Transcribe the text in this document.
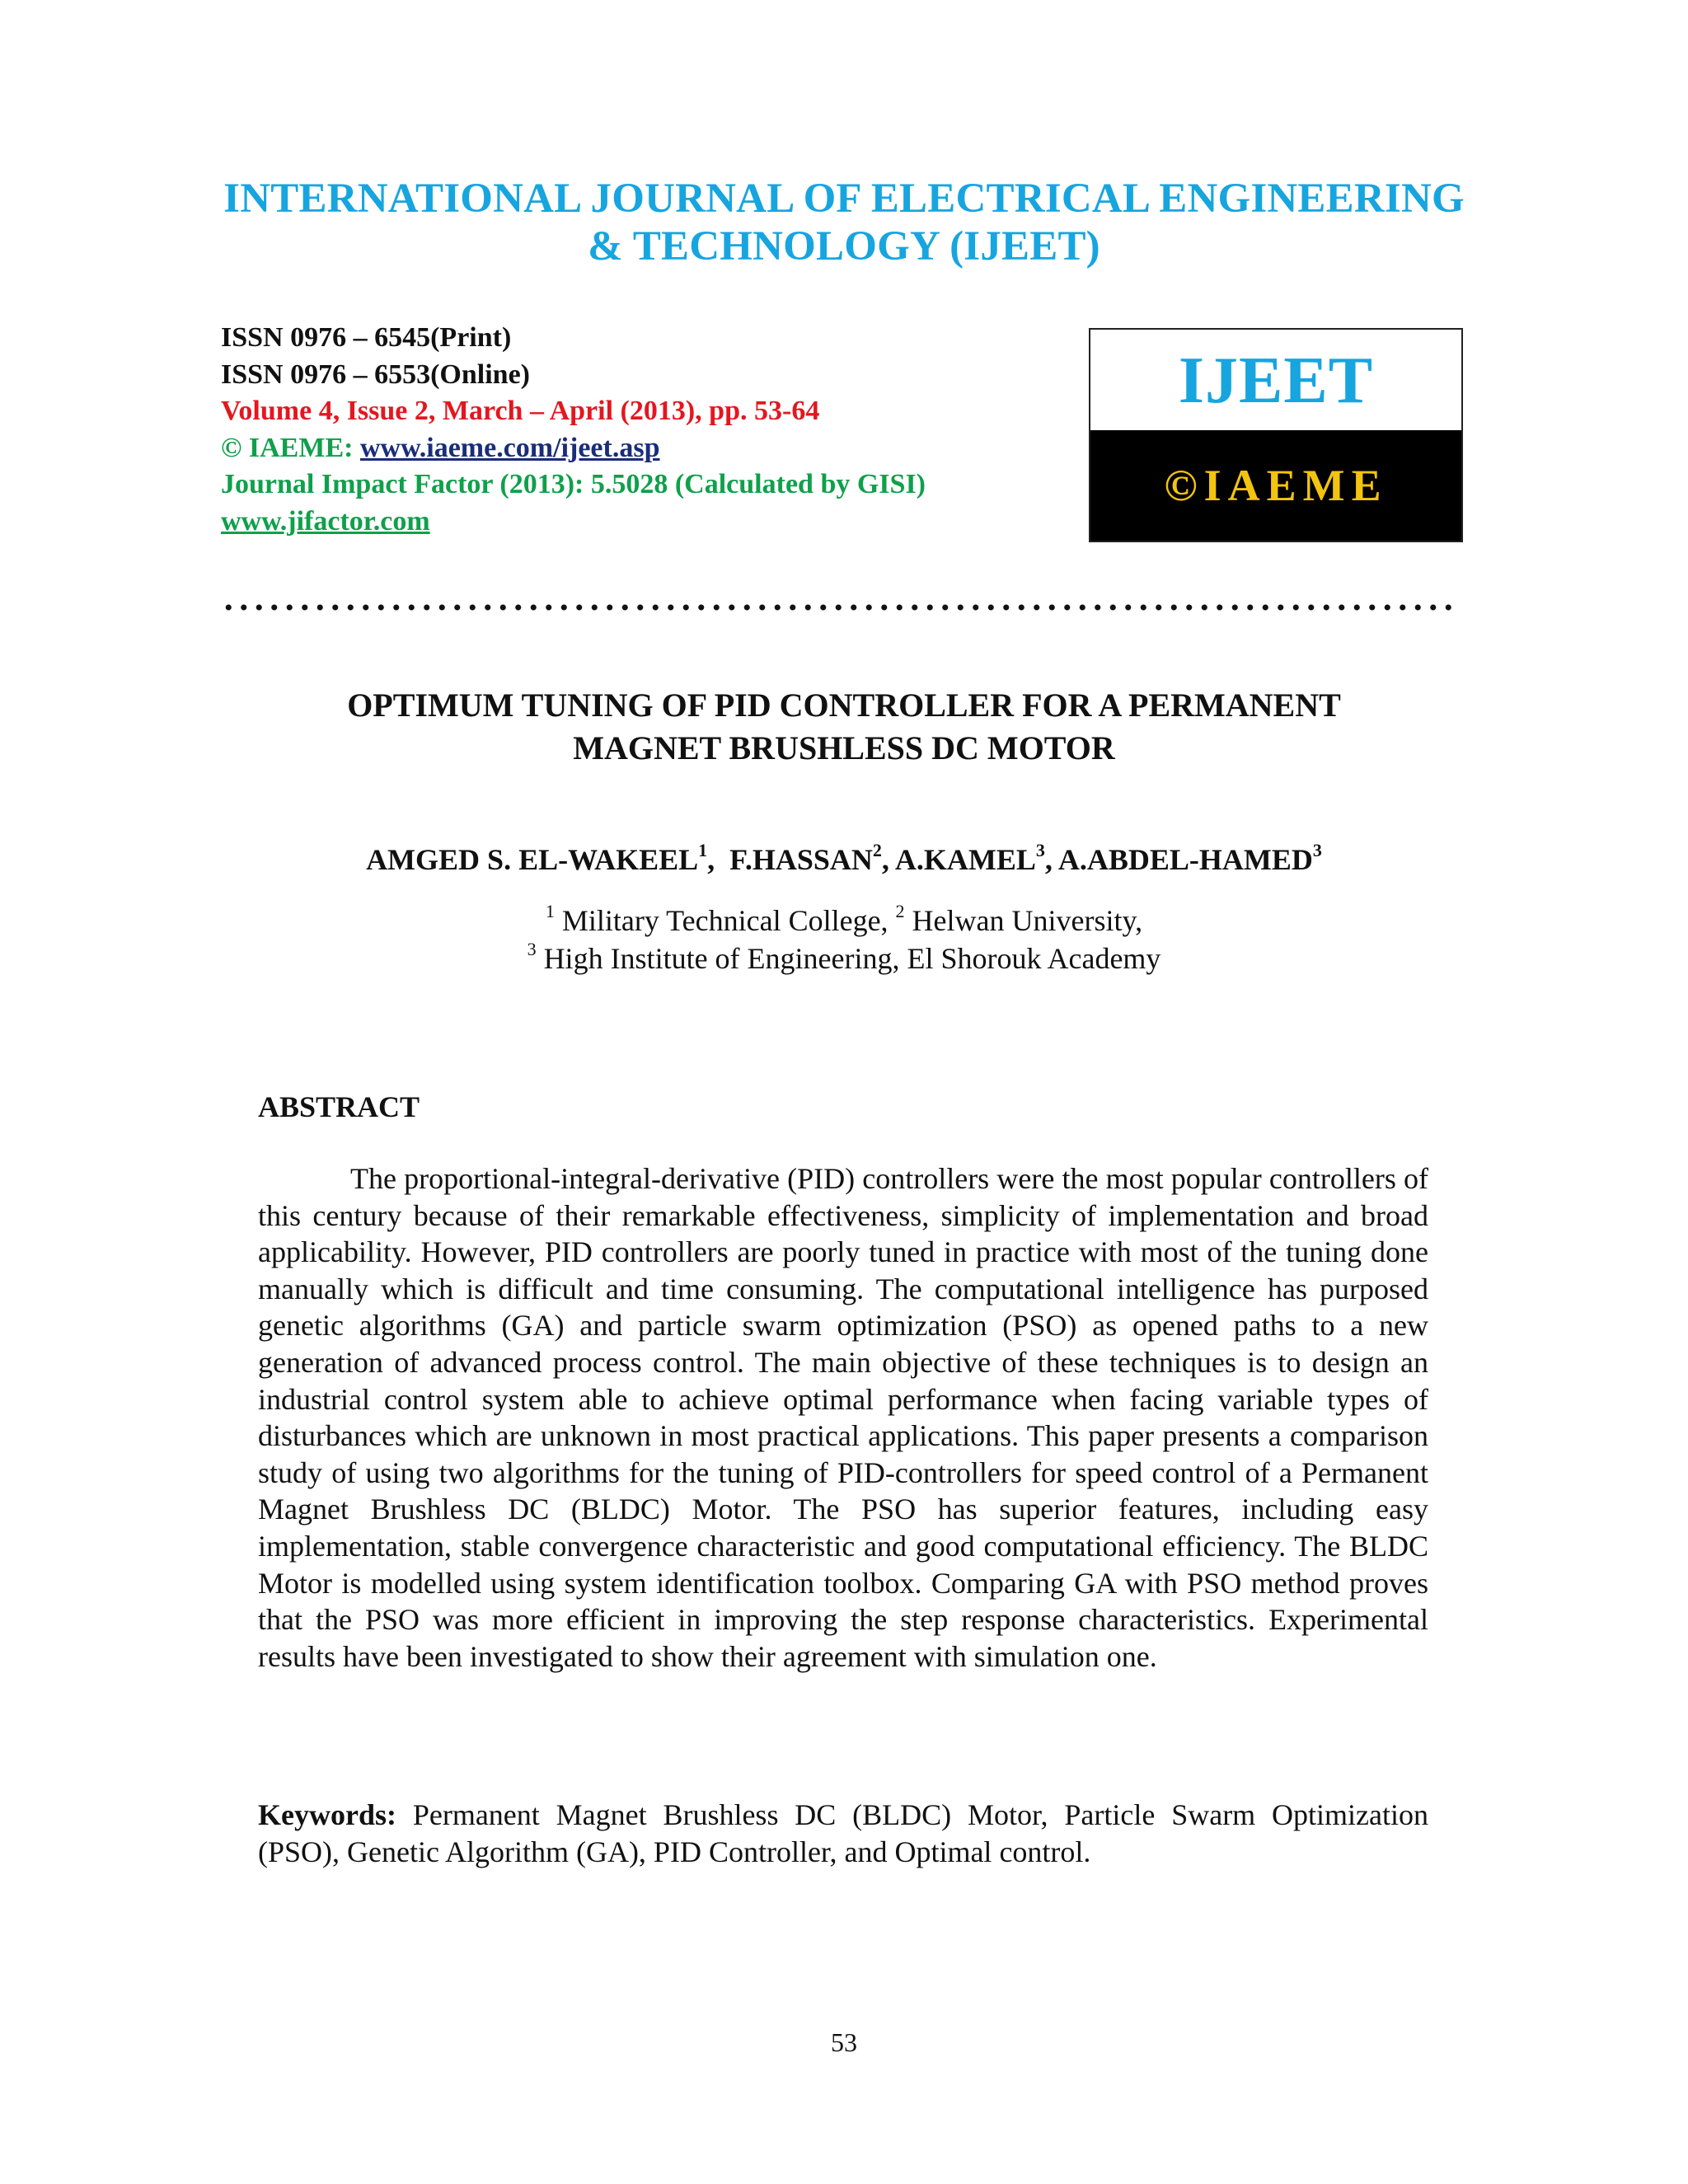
INTERNATIONAL JOURNAL OF ELECTRICAL ENGINEERING
& TECHNOLOGY (IJEET)
ISSN 0976 – 6545(Print)
ISSN 0976 – 6553(Online)
Volume 4, Issue 2, March – April (2013), pp. 53-64
© IAEME: www.iaeme.com/ijeet.asp
Journal Impact Factor (2013): 5.5028 (Calculated by GISI)
www.jifactor.com
IJEET
©IAEME
OPTIMUM TUNING OF PID CONTROLLER FOR A PERMANENT
MAGNET BRUSHLESS DC MOTOR
AMGED S. EL-WAKEEL$^1$,  F.HASSAN$^2$, A.KAMEL$^3$, A.ABDEL-HAMED$^3$
$^1$ Military Technical College, $^2$ Helwan University,
$^3$ High Institute of Engineering, El Shorouk Academy
ABSTRACT
The proportional-integral-derivative (PID) controllers were the most popular controllers of this century because of their remarkable effectiveness, simplicity of implementation and broad applicability. However, PID controllers are poorly tuned in practice with most of the tuning done manually which is difficult and time consuming. The computational intelligence has purposed genetic algorithms (GA) and particle swarm optimization (PSO) as opened paths to a new generation of advanced process control. The main objective of these techniques is to design an industrial control system able to achieve optimal performance when facing variable types of disturbances which are unknown in most practical applications. This paper presents a comparison study of using two algorithms for the tuning of PID-controllers for speed control of a Permanent Magnet Brushless DC (BLDC) Motor. The PSO has superior features, including easy implementation, stable convergence characteristic and good computational efficiency. The BLDC Motor is modelled using system identification toolbox. Comparing GA with PSO method proves that the PSO was more efficient in improving the step response characteristics. Experimental results have been investigated to show their agreement with simulation one.
Keywords: Permanent Magnet Brushless DC (BLDC) Motor, Particle Swarm Optimization (PSO), Genetic Algorithm (GA), PID Controller, and Optimal control.
53
